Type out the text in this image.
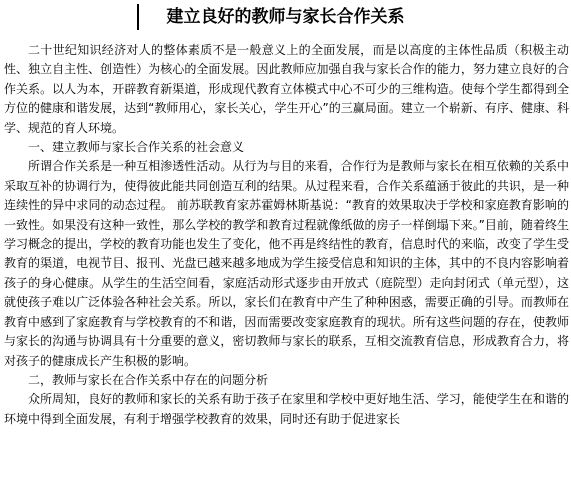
建立良好的教师与家长合作关系

二十世纪知识经济对人的整体素质不是一般意义上的全面发展，而是以高度的主体性品质（积极主动性、独立自主性、创造性）为核心的全面发展。因此教师应加强自我与家长合作的能力，努力建立良好的合作关系。以人为本，开辟教育新渠道，形成现代教育立体模式中心不可少的三维构造。使每个学生都得到全方位的健康和谐发展，达到“教师用心，家长关心，学生开心”的三赢局面。建立一个崭新、有序、健康、科学、规范的育人环境。

一、建立教师与家长合作关系的社会意义

所谓合作关系是一种互相渗透性活动。从行为与目的来看，合作行为是教师与家长在相互依赖的关系中采取互补的协调行为，使得彼此能共同创造互利的结果。从过程来看，合作关系蕴涵于彼此的共识，是一种连续性的异中求同的动态过程。 前苏联教育家苏霍姆林斯基说：“教育的效果取决于学校和家庭教育影响的一致性。如果没有这种一致性，那么学校的教学和教育过程就像纸做的房子一样倒塌下来。”目前，随着终生学习概念的提出，学校的教育功能也发生了变化，他不再是终结性的教育，信息时代的来临，改变了学生受教育的渠道，电视节目、报刊、光盘已越来越多地成为学生接受信息和知识的主体，其中的不良内容影响着孩子的身心健康。从学生的生活空间看，家庭活动形式逐步由开放式（庭院型）走向封闭式（单元型），这就使孩子难以广泛体验各种社会关系。所以，家长们在教育中产生了种种困惑，需要正确的引导。而教师在教育中感到了家庭教育与学校教育的不和谐，因而需要改变家庭教育的现状。所有这些问题的存在，使教师与家长的沟通与协调具有十分重要的意义，密切教师与家长的联系，互相交流教育信息，形成教育合力，将对孩子的健康成长产生积极的影响。

二，教师与家长在合作关系中存在的问题分析

众所周知，良好的教师和家长的关系有助于孩子在家里和学校中更好地生活、学习，能使学生在和谐的环境中得到全面发展，有利于增强学校教育的效果，同时还有助于促进家长
